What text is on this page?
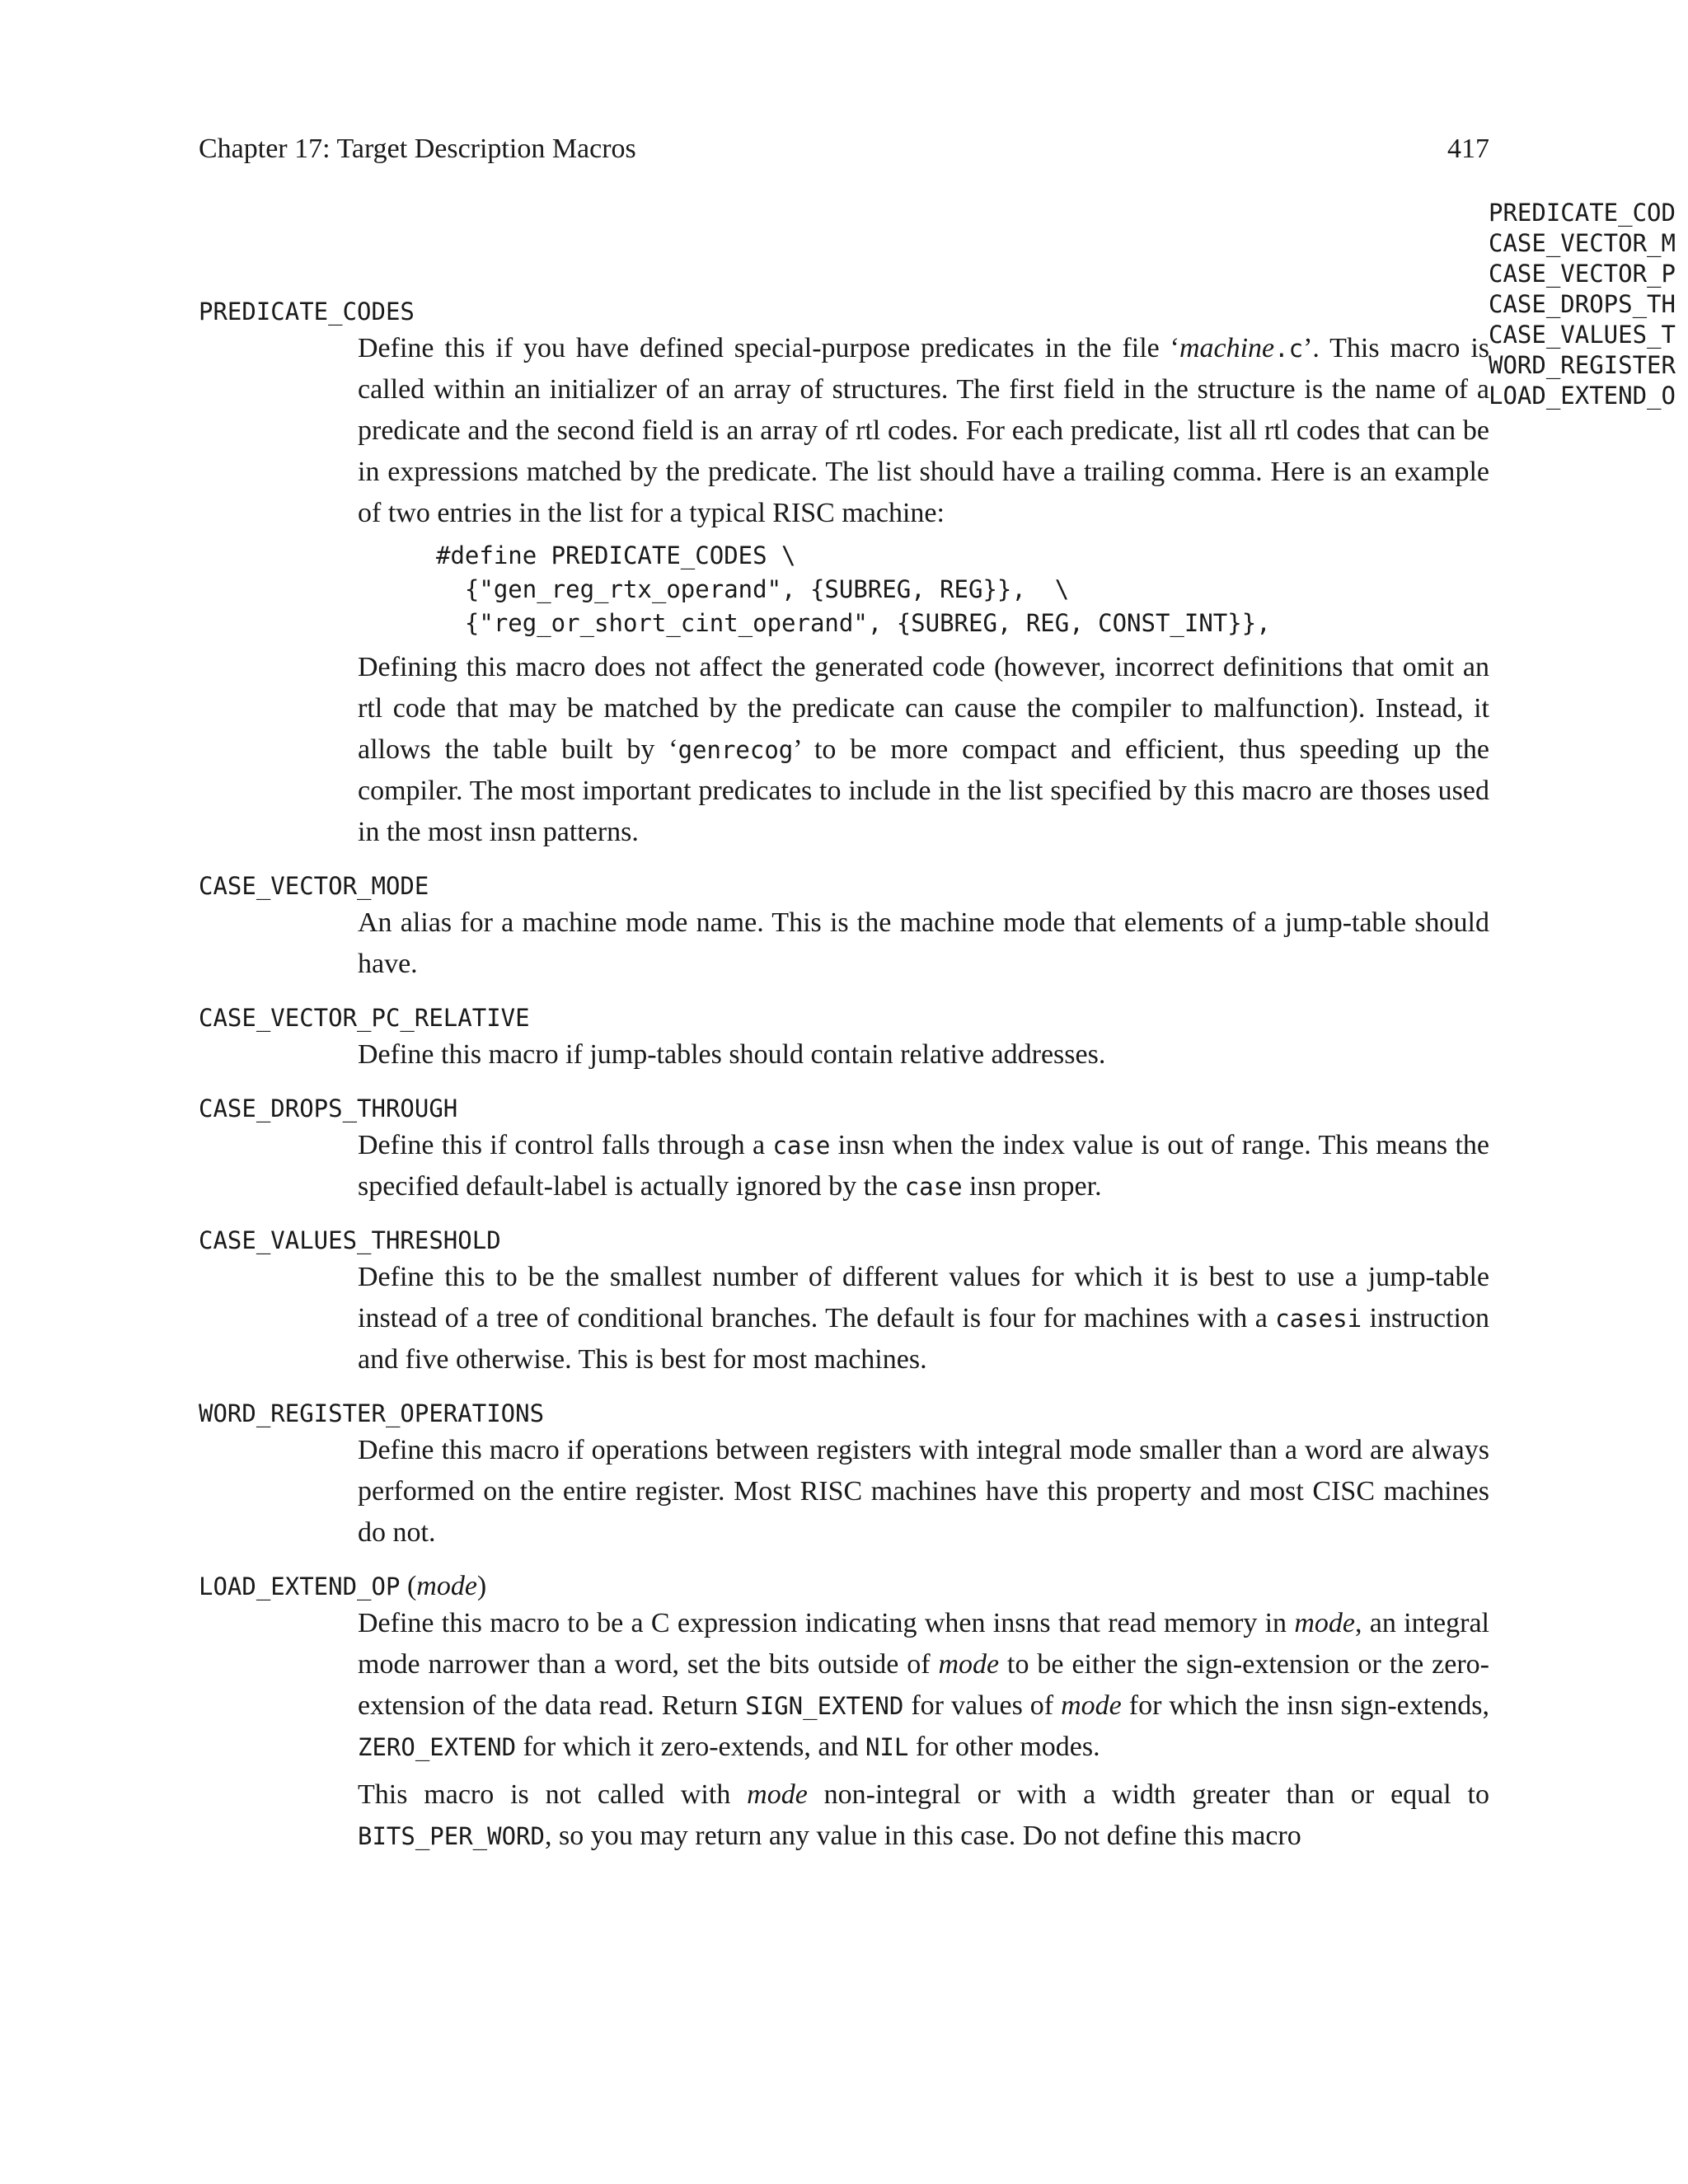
Chapter 17: Target Description Macros	417
PREDICATE_COD
CASE_VECTOR_M
CASE_VECTOR_P
CASE_DROPS_TH
CASE_VALUES_T
WORD_REGISTER
LOAD_EXTEND_O
PREDICATE_CODES

Define this if you have defined special-purpose predicates in the file ‘machine.c’. This macro is called within an initializer of an array of structures. The first field in the structure is the name of a predicate and the second field is an array of rtl codes. For each predicate, list all rtl codes that can be in expressions matched by the predicate. The list should have a trailing comma. Here is an example of two entries in the list for a typical RISC machine:

#define PREDICATE_CODES \
{"gen_reg_rtx_operand", {SUBREG, REG}},  \
{"reg_or_short_cint_operand", {SUBREG, REG, CONST_INT}},

Defining this macro does not affect the generated code (however, incorrect definitions that omit an rtl code that may be matched by the predicate can cause the compiler to malfunction). Instead, it allows the table built by ‘genrecog’ to be more compact and efficient, thus speeding up the compiler. The most important predicates to include in the list specified by this macro are thoses used in the most insn patterns.

CASE_VECTOR_MODE

An alias for a machine mode name. This is the machine mode that elements of a jump-table should have.

CASE_VECTOR_PC_RELATIVE

Define this macro if jump-tables should contain relative addresses.

CASE_DROPS_THROUGH

Define this if control falls through a case insn when the index value is out of range. This means the specified default-label is actually ignored by the case insn proper.

CASE_VALUES_THRESHOLD

Define this to be the smallest number of different values for which it is best to use a jump-table instead of a tree of conditional branches. The default is four for machines with a casesi instruction and five otherwise. This is best for most machines.

WORD_REGISTER_OPERATIONS

Define this macro if operations between registers with integral mode smaller than a word are always performed on the entire register. Most RISC machines have this property and most CISC machines do not.

LOAD_EXTEND_OP (mode)

Define this macro to be a C expression indicating when insns that read memory in mode, an integral mode narrower than a word, set the bits outside of mode to be either the sign-extension or the zero-extension of the data read. Return SIGN_EXTEND for values of mode for which the insn sign-extends, ZERO_EXTEND for which it zero-extends, and NIL for other modes.

This macro is not called with mode non-integral or with a width greater than or equal to BITS_PER_WORD, so you may return any value in this case. Do not define this macro
